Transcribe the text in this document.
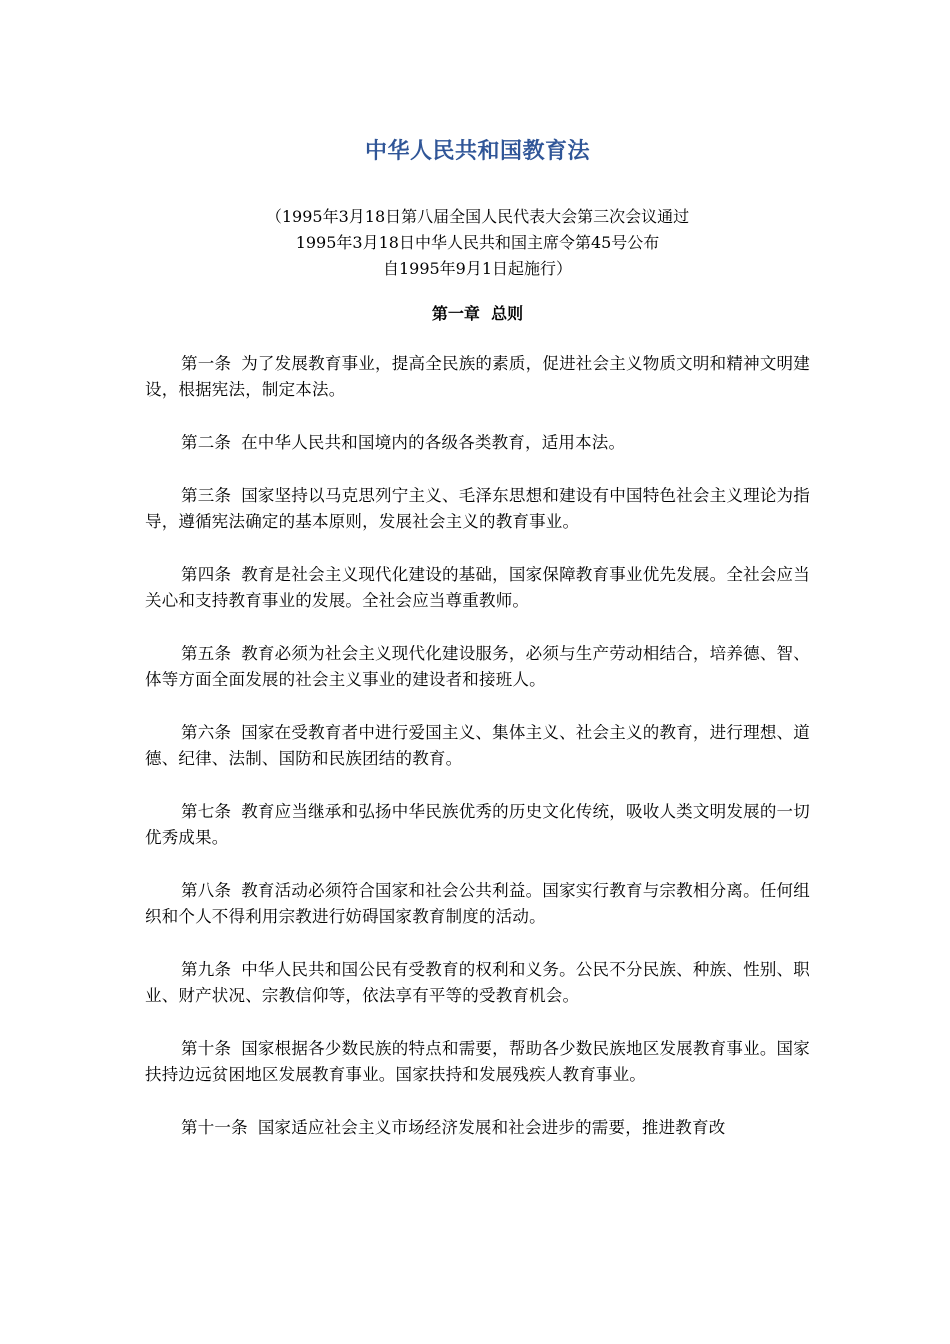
中华人民共和国教育法
（1995年3月18日第八届全国人民代表大会第三次会议通过
1995年3月18日中华人民共和国主席令第45号公布
自1995年9月1日起施行）
第一章  总则

第一条 为了发展教育事业，提高全民族的素质，促进社会主义物质文明和精神文明建设，根据宪法，制定本法。

第二条 在中华人民共和国境内的各级各类教育，适用本法。

第三条 国家坚持以马克思列宁主义、毛泽东思想和建设有中国特色社会主义理论为指导，遵循宪法确定的基本原则，发展社会主义的教育事业。

第四条 教育是社会主义现代化建设的基础，国家保障教育事业优先发展。全社会应当关心和支持教育事业的发展。全社会应当尊重教师。

第五条 教育必须为社会主义现代化建设服务，必须与生产劳动相结合，培养德、智、体等方面全面发展的社会主义事业的建设者和接班人。

第六条 国家在受教育者中进行爱国主义、集体主义、社会主义的教育，进行理想、道德、纪律、法制、国防和民族团结的教育。

第七条 教育应当继承和弘扬中华民族优秀的历史文化传统，吸收人类文明发展的一切优秀成果。

第八条 教育活动必须符合国家和社会公共利益。国家实行教育与宗教相分离。任何组织和个人不得利用宗教进行妨碍国家教育制度的活动。

第九条 中华人民共和国公民有受教育的权利和义务。公民不分民族、种族、性别、职业、财产状况、宗教信仰等，依法享有平等的受教育机会。

第十条 国家根据各少数民族的特点和需要，帮助各少数民族地区发展教育事业。国家扶持边远贫困地区发展教育事业。国家扶持和发展残疾人教育事业。

第十一条 国家适应社会主义市场经济发展和社会进步的需要，推进教育改
